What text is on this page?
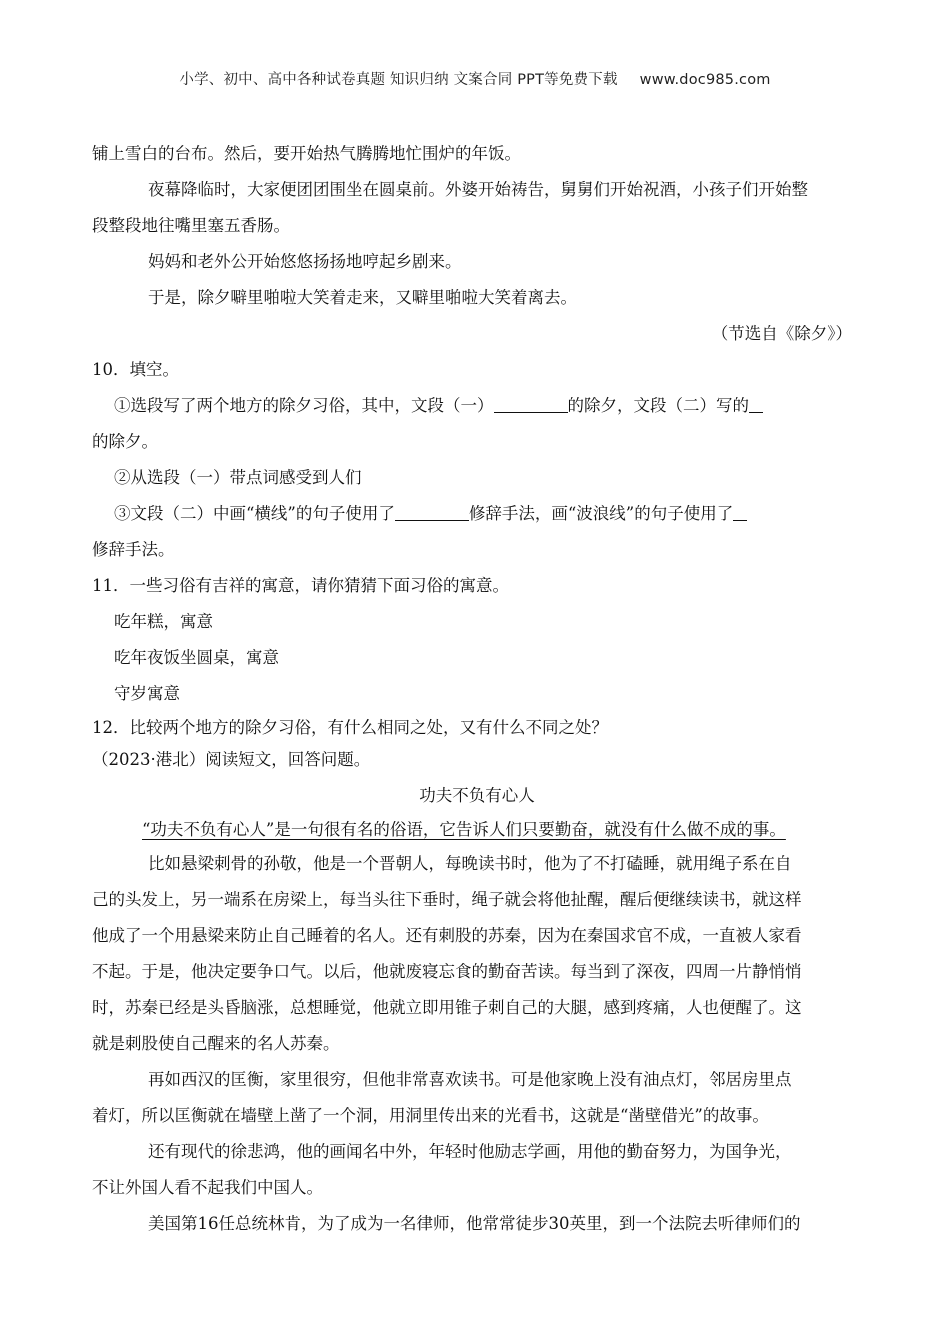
小学、初中、高中各种试卷真题 知识归纳 文案合同 PPT等免费下载 www.doc985.com
铺上雪白的台布。然后，要开始热气腾腾地忙围炉的年饭。
夜幕降临时，大家便团团围坐在圆桌前。外婆开始祷告，舅舅们开始祝酒，小孩子们开始整
段整段地往嘴里塞五香肠。
妈妈和老外公开始悠悠扬扬地哼起乡剧来。
于是，除夕噼里啪啦大笑着走来，又噼里啪啦大笑着离去。
（节选自《除夕》）
10．填空。
①选段写了两个地方的除夕习俗，其中，文段（一）	的除夕，文段（二）写的
的除夕。
②从选段（一）带点词感受到人们
③文段（二）中画“横线”的句子使用了	修辞手法，画“波浪线”的句子使用了
修辞手法。
11．一些习俗有吉祥的寓意，请你猜猜下面习俗的寓意。
吃年糕，寓意
吃年夜饭坐圆桌，寓意
守岁寓意
12．比较两个地方的除夕习俗，有什么相同之处，又有什么不同之处？
（2023·港北）阅读短文，回答问题。
功夫不负有心人
“功夫不负有心人”是一句很有名的俗语，它告诉人们只要勤奋，就没有什么做不成的事。
比如悬梁刺骨的孙敬，他是一个晋朝人，每晚读书时，他为了不打磕睡，就用绳子系在自
己的头发上，另一端系在房梁上，每当头往下垂时，绳子就会将他扯醒，醒后便继续读书，就这样
他成了一个用悬梁来防止自己睡着的名人。还有刺股的苏秦，因为在秦国求官不成，一直被人家看
不起。于是，他决定要争口气。以后，他就废寝忘食的勤奋苦读。每当到了深夜，四周一片静悄悄
时，苏秦已经是头昏脑涨，总想睡觉，他就立即用锥子刺自己的大腿，感到疼痛，人也便醒了。这
就是刺股使自己醒来的名人苏秦。
再如西汉的匡衡，家里很穷，但他非常喜欢读书。可是他家晚上没有油点灯，邻居房里点
着灯，所以匡衡就在墙壁上凿了一个洞，用洞里传出来的光看书，这就是“凿壁借光”的故事。
还有现代的徐悲鸿，他的画闻名中外，年轻时他励志学画，用他的勤奋努力，为国争光，
不让外国人看不起我们中国人。
美国第16任总统林肯，为了成为一名律师，他常常徒步30英里，到一个法院去听律师们的
